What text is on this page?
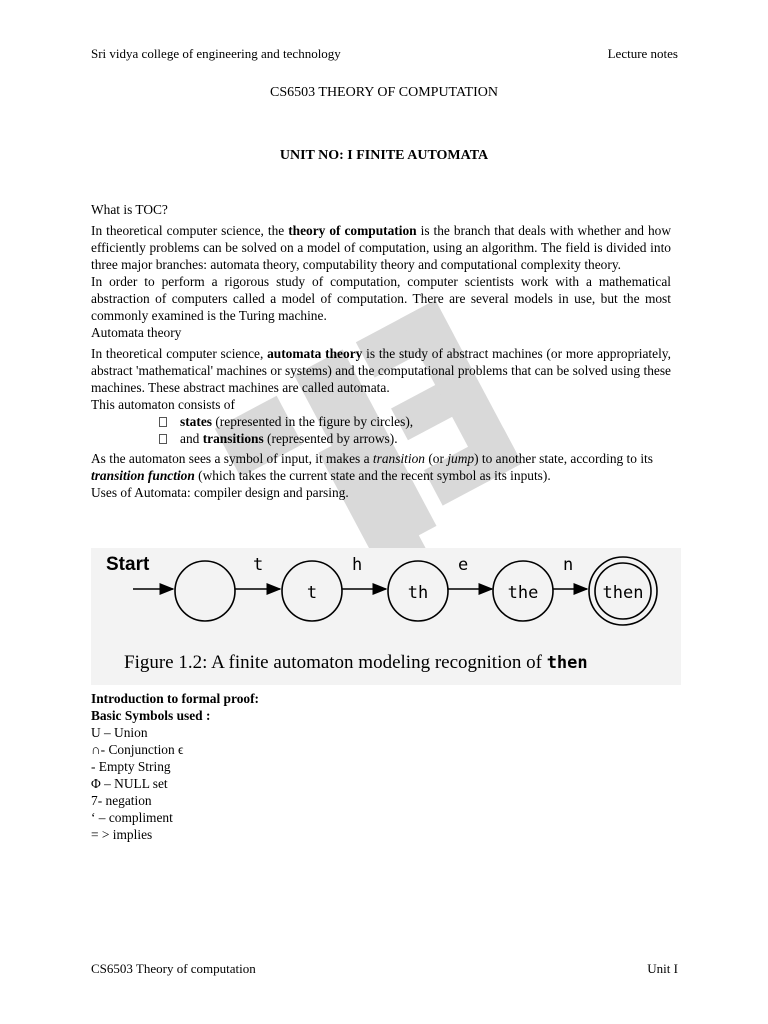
Sri vidya college of engineering and technology	Lecture notes
CS6503 THEORY OF COMPUTATION
UNIT NO: I FINITE AUTOMATA

What is TOC?

In theoretical computer science, the theory of computation is the branch that deals with whether and how efficiently problems can be solved on a model of computation, using an algorithm. The field is divided into three major branches: automata theory, computability theory and computational complexity theory.

In order to perform a rigorous study of computation, computer scientists work with a mathematical abstraction of computers called a model of computation. There are several models in use, but the most commonly examined is the Turing machine.

Automata theory

In theoretical computer science, automata theory is the study of abstract machines (or more appropriately, abstract 'mathematical' machines or systems) and the computational problems that can be solved using these machines. These abstract machines are called automata.

This automaton consists of

states (represented in the figure by circles),
and transitions (represented by arrows).

As the automaton sees a symbol of input, it makes a transition (or jump) to another state, according to its transition function (which takes the current state and the recent symbol as its inputs).

Uses of Automata: compiler design and parsing.

Start	t
t
h
th
e
the
n
then
Figure 1.2: A finite automaton modeling recognition of then

Introduction to formal proof:

Basic Symbols used :

U – Union

∩- Conjunction ϵ

- Empty String

Φ – NULL set

7- negation

‘ – compliment

= > implies

CS6503 Theory of computation	Unit I
